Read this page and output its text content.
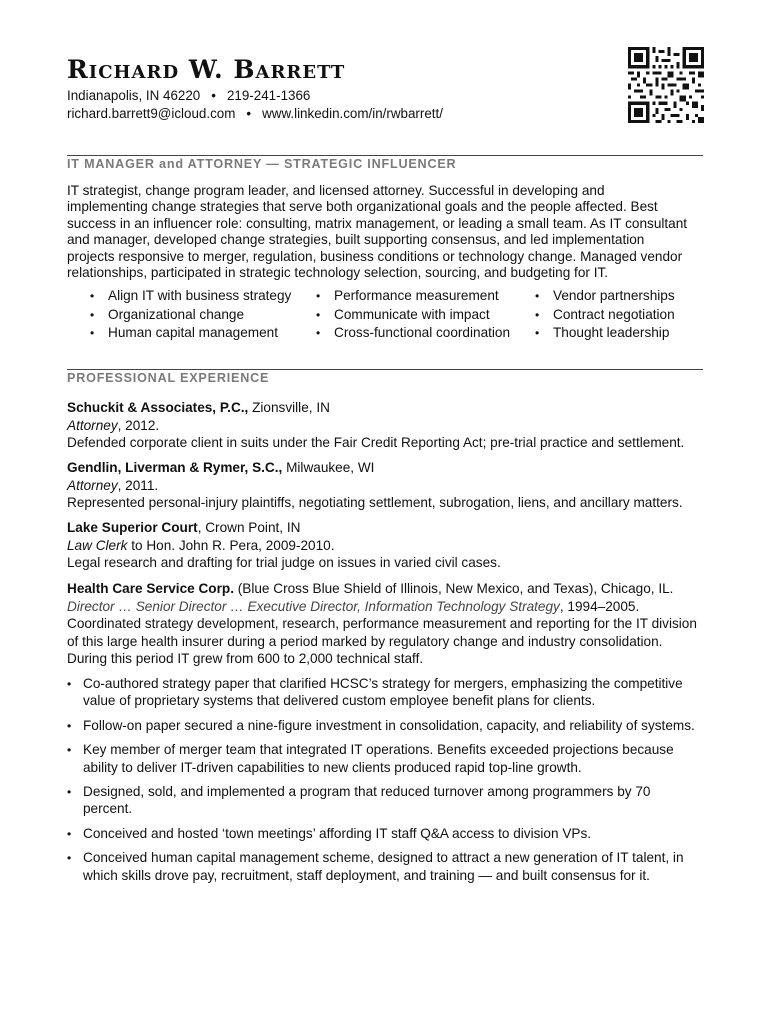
Richard W. Barrett
Indianapolis, IN 46220 • 219-241-1366
richard.barrett9@icloud.com • www.linkedin.com/in/rwbarrett/
IT MANAGER and ATTORNEY — STRATEGIC INFLUENCER
IT strategist, change program leader, and licensed attorney. Successful in developing and
implementing change strategies that serve both organizational goals and the people affected. Best
success in an influencer role: consulting, matrix management, or leading a small team. As IT consultant
and manager, developed change strategies, built supporting consensus, and led implementation
projects responsive to merger, regulation, business conditions or technology change. Managed vendor
relationships, participated in strategic technology selection, sourcing, and budgeting for IT.
• Align IT with business strategy
• Organizational change
• Human capital management
• Performance measurement
• Communicate with impact
• Cross-functional coordination
• Vendor partnerships
• Contract negotiation
• Thought leadership
PROFESSIONAL EXPERIENCE
Schuckit & Associates, P.C., Zionsville, IN
Attorney, 2012.
Defended corporate client in suits under the Fair Credit Reporting Act; pre-trial practice and settlement.
Gendlin, Liverman & Rymer, S.C., Milwaukee, WI
Attorney, 2011.
Represented personal-injury plaintiffs, negotiating settlement, subrogation, liens, and ancillary matters.
Lake Superior Court, Crown Point, IN
Law Clerk to Hon. John R. Pera, 2009-2010.
Legal research and drafting for trial judge on issues in varied civil cases.
Health Care Service Corp. (Blue Cross Blue Shield of Illinois, New Mexico, and Texas), Chicago, IL.
Director … Senior Director … Executive Director, Information Technology Strategy, 1994–2005.
Coordinated strategy development, research, performance measurement and reporting for the IT division of this large health insurer during a period marked by regulatory change and industry consolidation. During this period IT grew from 600 to 2,000 technical staff.
• Co-authored strategy paper that clarified HCSC’s strategy for mergers, emphasizing the competitive value of proprietary systems that delivered custom employee benefit plans for clients.
• Follow-on paper secured a nine-figure investment in consolidation, capacity, and reliability of systems.
• Key member of merger team that integrated IT operations. Benefits exceeded projections because ability to deliver IT-driven capabilities to new clients produced rapid top-line growth.
• Designed, sold, and implemented a program that reduced turnover among programmers by 70 percent.
• Conceived and hosted ‘town meetings’ affording IT staff Q&A access to division VPs.
• Conceived human capital management scheme, designed to attract a new generation of IT talent, in which skills drove pay, recruitment, staff deployment, and training — and built consensus for it.
